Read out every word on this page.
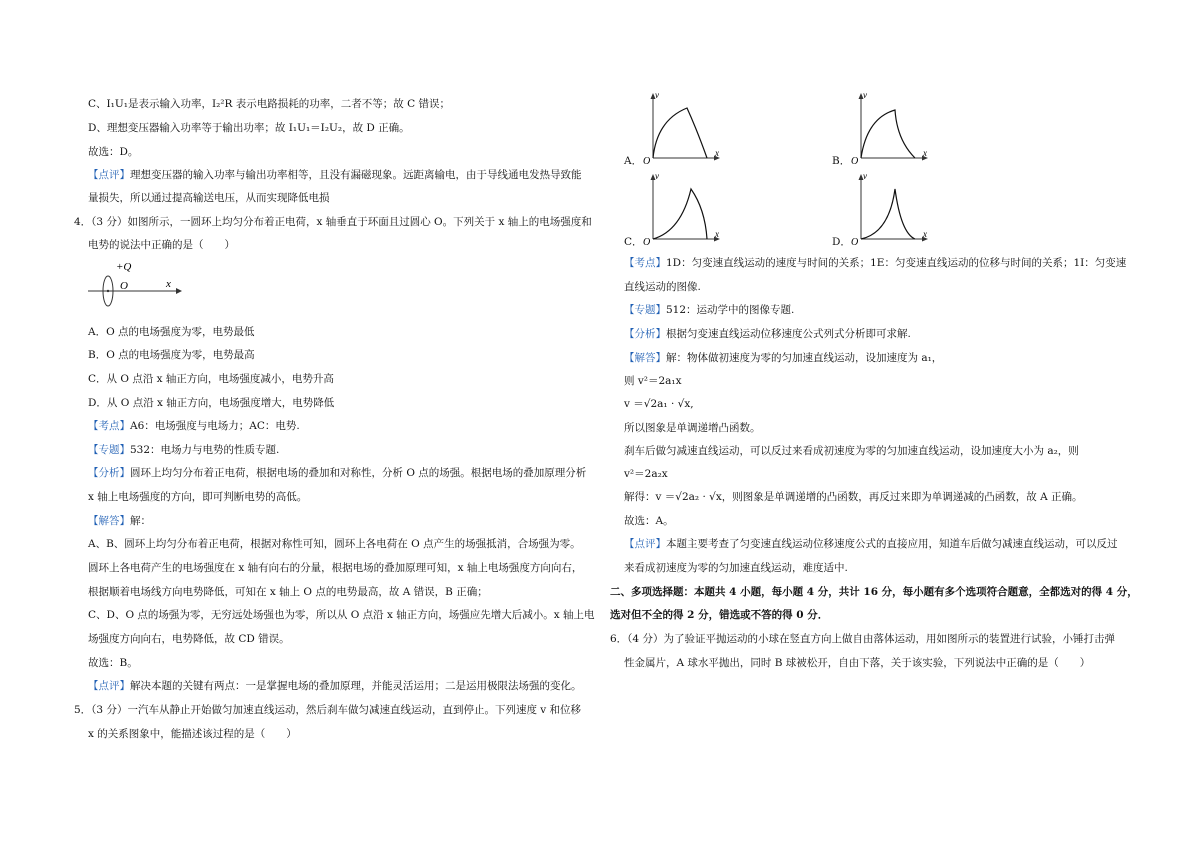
C、I₁U₁是表示输入功率，I₂²R 表示电路损耗的功率，二者不等；故 C 错误；
D、理想变压器输入功率等于输出功率；故 I₁U₁＝I₂U₂，故 D 正确。
故选：D。
【点评】理想变压器的输入功率与输出功率相等，且没有漏磁现象。远距离输电，由于导线通电发热导致能
量损失，所以通过提高输送电压，从而实现降低电损
4．（3 分）如图所示，一圆环上均匀分布着正电荷，x 轴垂直于环面且过圆心 O。下列关于 x 轴上的电场强度和
电势的说法中正确的是（　　）
+Q
O	x
A．O 点的电场强度为零，电势最低
B．O 点的电场强度为零，电势最高
C．从 O 点沿 x 轴正方向，电场强度减小，电势升高
D．从 O 点沿 x 轴正方向，电场强度增大，电势降低
【考点】A6：电场强度与电场力；AC：电势.
【专题】532：电场力与电势的性质专题.
【分析】圆环上均匀分布着正电荷，根据电场的叠加和对称性，分析 O 点的场强。根据电场的叠加原理分析
x 轴上电场强度的方向，即可判断电势的高低。
【解答】解：
A、B、圆环上均匀分布着正电荷，根据对称性可知，圆环上各电荷在 O 点产生的场强抵消，合场强为零。
圆环上各电荷产生的电场强度在 x 轴有向右的分量，根据电场的叠加原理可知，x 轴上电场强度方向向右，
根据顺着电场线方向电势降低，可知在 x 轴上 O 点的电势最高，故 A 错误，B 正确；
C、D、O 点的场强为零，无穷远处场强也为零，所以从 O 点沿 x 轴正方向，场强应先增大后减小。x 轴上电
场强度方向向右，电势降低，故 CD 错误。
故选：B。
【点评】解决本题的关键有两点：一是掌握电场的叠加原理，并能灵活运用；二是运用极限法场强的变化。
5．（3 分）一汽车从静止开始做匀加速直线运动，然后刹车做匀减速直线运动，直到停止。下列速度 v 和位移
x 的关系图象中，能描述该过程的是（　　）
A．
v
x
O	B．
v
x
O
C．
v
x
O	D．
v
x
O
【考点】1D：匀变速直线运动的速度与时间的关系；1E：匀变速直线运动的位移与时间的关系；1I：匀变速
直线运动的图像.
【专题】512：运动学中的图像专题.
【分析】根据匀变速直线运动位移速度公式列式分析即可求解.
【解答】解：物体做初速度为零的匀加速直线运动，设加速度为 a₁，
则 v²＝2a₁x
v ＝√2a₁ · √x,
所以图象是单调递增凸函数。
刹车后做匀减速直线运动，可以反过来看成初速度为零的匀加速直线运动，设加速度大小为 a₂，则
v²＝2a₂x
解得：v ＝√2a₂ · √x，则图象是单调递增的凸函数，再反过来即为单调递减的凸函数，故 A 正确。
故选：A。
【点评】本题主要考查了匀变速直线运动位移速度公式的直接应用，知道车后做匀减速直线运动，可以反过
来看成初速度为零的匀加速直线运动，难度适中.
二、多项选择题：本题共 4 小题，每小题 4 分，共计 16 分，每小题有多个选项符合题意，全都选对的得 4 分，
选对但不全的得 2 分，错选或不答的得 0 分．
6．（4 分）为了验证平抛运动的小球在竖直方向上做自由落体运动，用如图所示的装置进行试验，小锤打击弹
性金属片，A 球水平抛出，同时 B 球被松开，自由下落，关于该实验，下列说法中正确的是（　　）
